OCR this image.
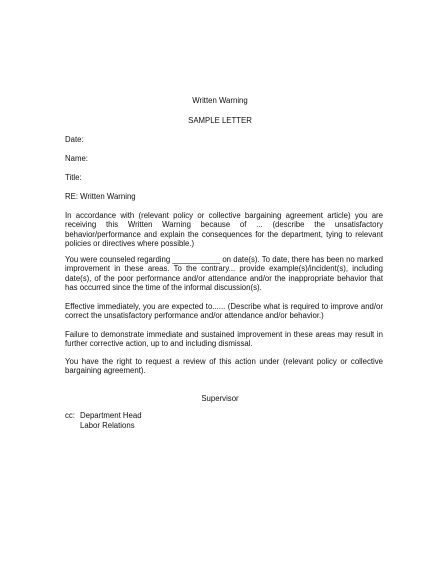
Written Warning
SAMPLE LETTER
Date:
Name:
Title:
RE: Written Warning

In accordance with (relevant policy or collective bargaining agreement article) you are receiving this Written Warning because of ... (describe the unsatisfactory behavior/performance and explain the consequences for the department, tying to relevant policies or directives where possible.)

You were counseled regarding ___________ on date(s). To date, there has been no marked improvement in these areas. To the contrary... provide example(s)/incident(s), including date(s), of the poor performance and/or attendance and/or the inappropriate behavior that has occurred since the time of the informal discussion(s).

Effective immediately, you are expected to...... (Describe what is required to improve and/or correct the unsatisfactory performance and/or attendance and/or behavior.)

Failure to demonstrate immediate and sustained improvement in these areas may result in further corrective action, up to and including dismissal.

You have the right to request a review of this action under (relevant policy or collective bargaining agreement).

Supervisor
cc: Department Head
Labor Relations
